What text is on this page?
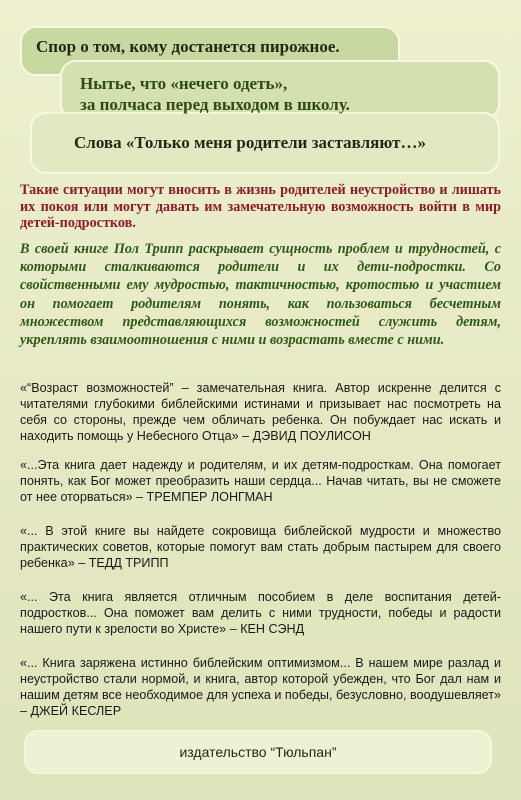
Спор о том, кому достанется пирожное.
Нытье, что «нечего одеть»,
за полчаса перед выходом в школу.
Слова «Только меня родители заставляют…»

Такие ситуации могут вносить в жизнь родителей неустройство и лишать их покоя или могут давать им замечательную возможность войти в мир детей-подростков.

В своей книге Пол Трипп раскрывает сущность проблем и трудностей, с которыми сталкиваются родители и их дети-подростки. Со свойственными ему мудростью, тактичностью, кротостью и участием он помогает родителям понять, как пользоваться бесчетным множеством представляющихся возможностей служить детям, укреплять взаимоотношения с ними и возрастать вместе с ними.

«“Возраст возможностей” – замечательная книга. Автор искренне делится с читателями глубокими библейскими истинами и призывает нас посмотреть на себя со стороны, прежде чем обличать ребенка. Он побуждает нас искать и находить помощь у Небесного Отца» – ДЭВИД ПОУЛИСОН

«...Эта книга дает надежду и родителям, и их детям-подросткам. Она помогает понять, как Бог может преобразить наши сердца... Начав читать, вы не сможете от нее оторваться» – ТРЕМПЕР ЛОНГМАН

«... В этой книге вы найдете сокровища библейской мудрости и множество практических советов, которые помогут вам стать добрым пастырем для своего ребенка» – ТЕДД ТРИПП

«... Эта книга является отличным пособием в деле воспитания детей-подростков... Она поможет вам делить с ними трудности, победы и радости нашего пути к зрелости во Христе» – КЕН СЭНД

«... Книга заряжена истинно библейским оптимизмом... В нашем мире разлад и неустройство стали нормой, и книга, автор которой убежден, что Бог дал нам и нашим детям все необходимое для успеха и победы, безусловно, воодушевляет» – ДЖЕЙ КЕСЛЕР

издательство “Тюльпан”
